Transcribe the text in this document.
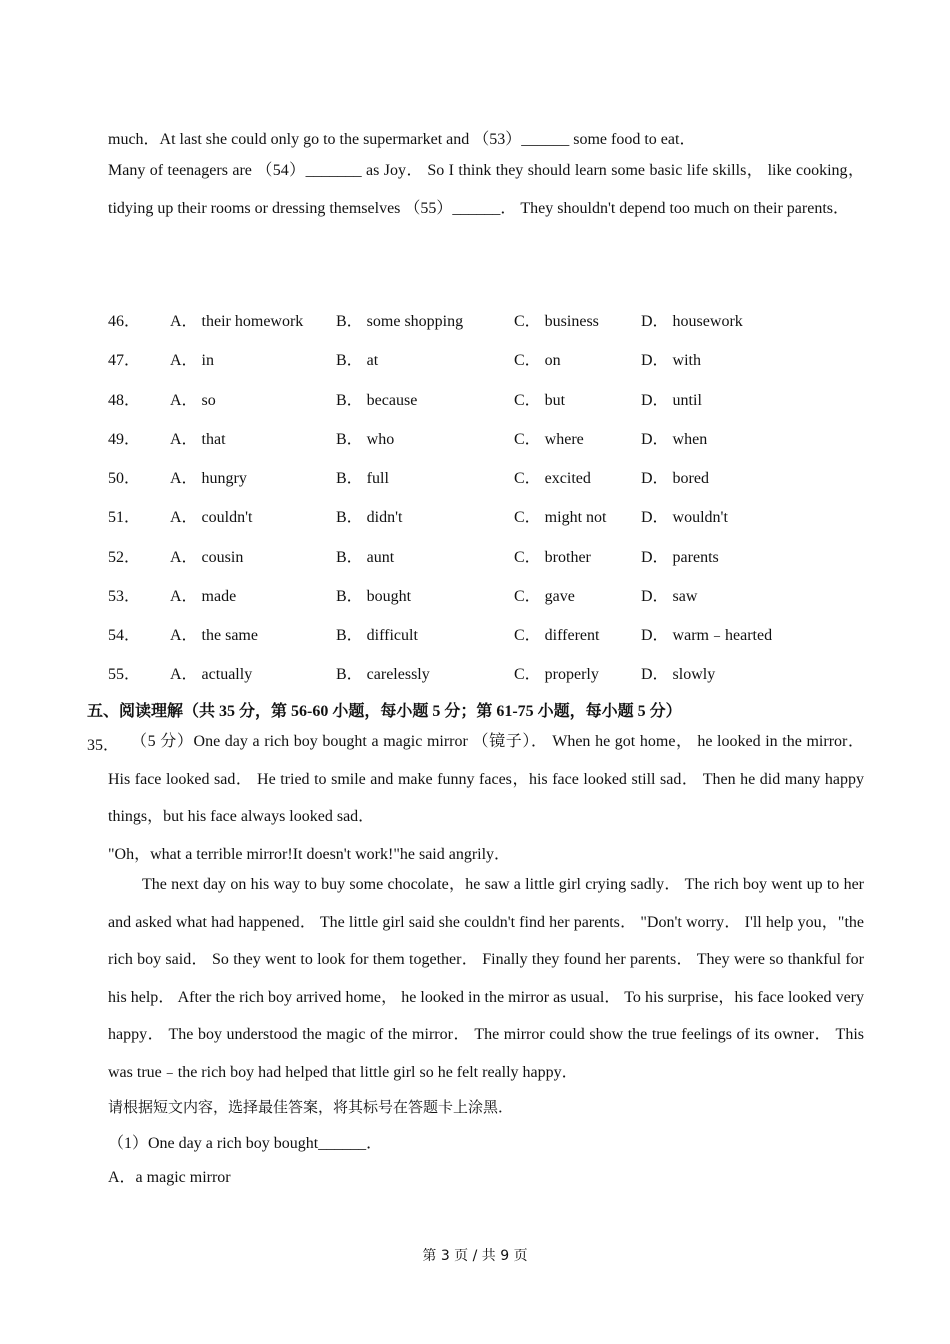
much．At last she could only go to the supermarket and （53）______ some food to eat．
Many of teenagers are （54）_______ as Joy． So I think they should learn some basic life skills， like cooking，tidying up their rooms or dressing themselves （55）______． They shouldn't depend too much on their parents．
46． A． their homework B． some shopping	C． business	D． housework
47． A． in	B． at	C． on	D． with
48． A． so	B． because	C． but	D． until
49． A． that	B． who	C． where	D． when
50． A． hungry	B． full	C． excited	D． bored
51． A． couldn't	B． didn't	C． might not D． wouldn't
52． A． cousin	B． aunt	C． brother	D． parents
53． A． made	B． bought	C． gave	D． saw
54． A． the same	B． difficult	C． different	D． warm﹣hearted
55． A． actually	B． carelessly	C． properly	D． slowly
五、阅读理解（共 35 分，第 56-60 小题，每小题 5 分；第 61-75 小题，每小题 5 分）
35． （5 分）One day a rich boy bought a magic mirror （镜子）． When he got home， he looked in the mirror． His face looked sad． He tried to smile and make funny faces，his face looked still sad． Then he did many happy things，but his face always looked sad．
"Oh，what a terrible mirror!It doesn't work!"he said angrily．
The next day on his way to buy some chocolate，he saw a little girl crying sadly． The rich boy went up to her and asked what had happened． The little girl said she couldn't find her parents． "Don't worry． I'll help you，"the rich boy said． So they went to look for them together． Finally they found her parents． They were so thankful for his help． After the rich boy arrived home， he looked in the mirror as usual． To his surprise，his face looked very happy． The boy understood the magic of the mirror． The mirror could show the true feelings of its owner． This was true﹣the rich boy had helped that little girl so he felt really happy．
请根据短文内容，选择最佳答案，将其标号在答题卡上涂黑．
（1）One day a rich boy bought______．
A．a magic mirror
第 3 页 / 共 9 页
